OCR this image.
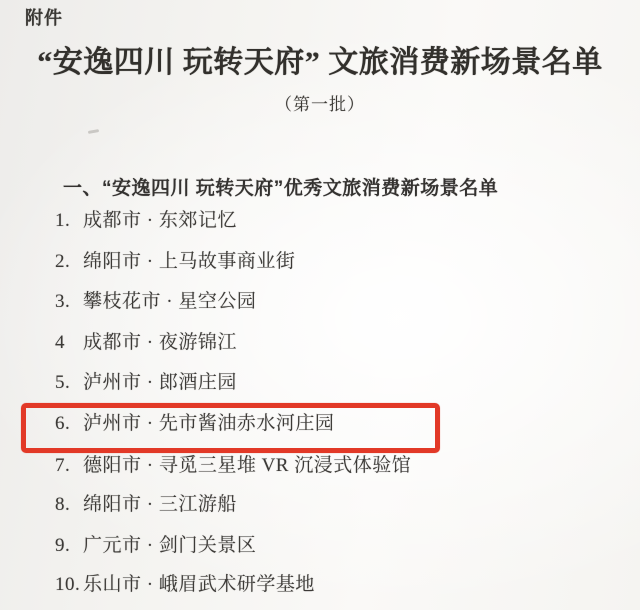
附件
“安逸四川 玩转天府” 文旅消费新场景名单
（第一批）
一、“安逸四川 玩转天府”优秀文旅消费新场景名单
1. 成都市 · 东郊记忆
2. 绵阳市 · 上马故事商业街
3. 攀枝花市 · 星空公园
4 成都市 · 夜游锦江
5. 泸州市 · 郎酒庄园
6. 泸州市 · 先市酱油赤水河庄园
7. 德阳市 · 寻觅三星堆 VR 沉浸式体验馆
8. 绵阳市 · 三江游船
9. 广元市 · 剑门关景区
10. 乐山市 · 峨眉武术研学基地
